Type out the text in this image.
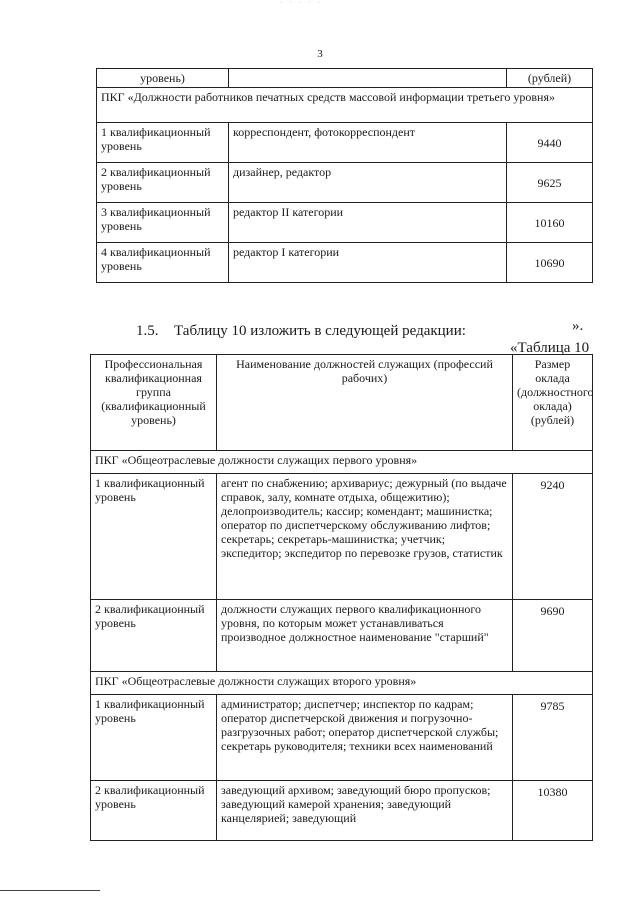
· · · · ·
3
уровень)		(рублей)
ПКГ «Должности работников печатных средств массовой информации третьего уровня»		
1 квалификационный уровень	корреспондент, фотокорреспондент	9440
2 квалификационный уровень	дизайнер, редактор	9625
3 квалификационный уровень	редактор II категории	10160
4 квалификационный уровень	редактор I категории	10690
1.5. Таблицу 10 изложить в следующей редакции:	».
«Таблица 10
Профессиональная квалификационная группа (квалификационный уровень)	Наименование должностей служащих (профессий рабочих)	Размер оклада (должностного оклада) (рублей)
ПКГ «Общеотраслевые должности служащих первого уровня»		
1 квалификационный уровень	агент по снабжению; архивариус; дежурный (по выдаче справок, залу, комнате отдыха, общежитию); делопроизводитель; кассир; комендант; машинистка; оператор по диспетчерскому обслуживанию лифтов; секретарь; секретарь-машинистка; учетчик; экспедитор; экспедитор по перевозке грузов, статистик	9240
2 квалификационный уровень	должности служащих первого квалификационного уровня, по которым может устанавливаться производное должностное наименование "старший"	9690
ПКГ «Общеотраслевые должности служащих второго уровня»		
1 квалификационный уровень	администратор; диспетчер; инспектор по кадрам; оператор диспетчерской движения и погрузочно-разгрузочных работ; оператор диспетчерской службы; секретарь руководителя; техники всех наименований	9785
2 квалификационный уровень	заведующий архивом; заведующий бюро пропусков; заведующий камерой хранения; заведующий канцелярией; заведующий	10380
